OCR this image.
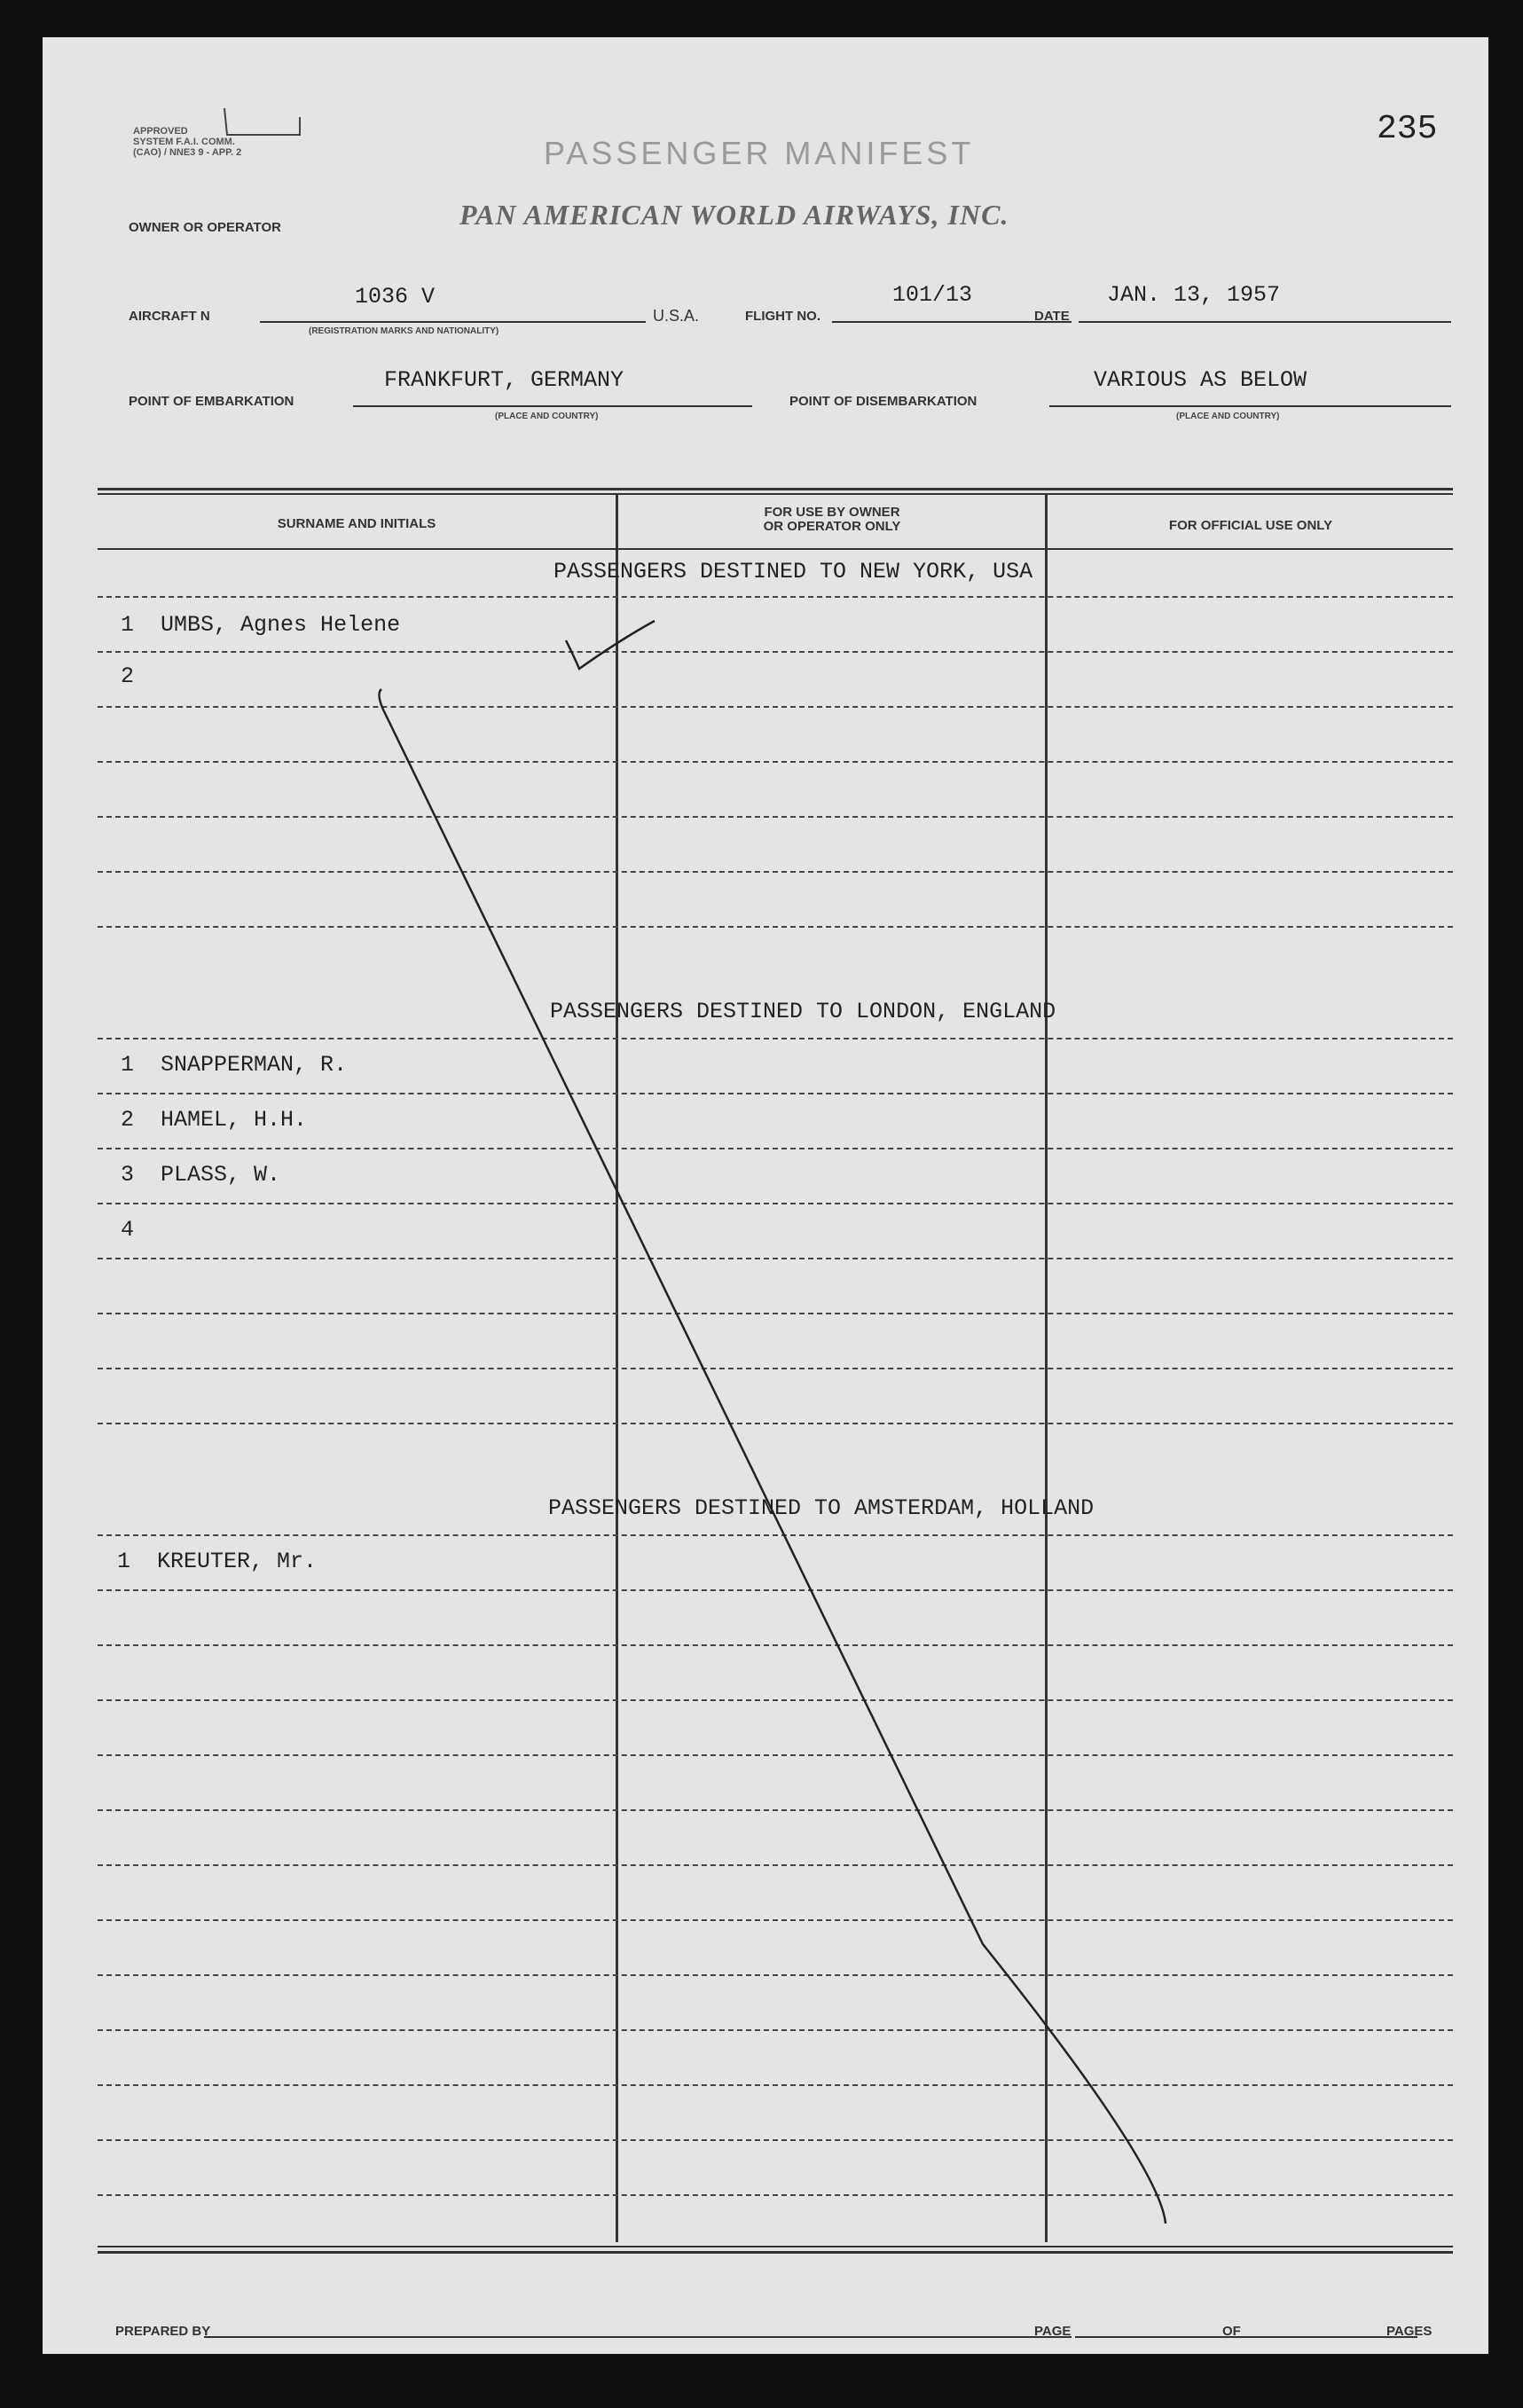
APPROVED
SYSTEM F.A.I. COMM.
(CAO) / NNE3 9 - APP. 2	PASSENGER MANIFEST
235
OWNER OR OPERATOR	PAN AMERICAN WORLD AIRWAYS, INC.
AIRCRAFT N
1036 V
(REGISTRATION MARKS AND NATIONALITY)
U.S.A.	FLIGHT NO.
101/13
DATE
JAN. 13, 1957
POINT OF EMBARKATION
FRANKFURT, GERMANY
(PLACE AND COUNTRY)
POINT OF DISEMBARKATION
VARIOUS AS BELOW
(PLACE AND COUNTRY)
SURNAME AND INITIALS
FOR USE BY OWNER
OR OPERATOR ONLY	FOR OFFICIAL USE ONLY
PASSENGERS DESTINED TO NEW YORK, USA
PASSENGERS DESTINED TO LONDON, ENGLAND
PASSENGERS DESTINED TO AMSTERDAM, HOLLAND
1 UMBS, Agnes Helene
2
1 SNAPPERMAN, R.
2 HAMEL, H.H.
3 PLASS, W.
4
1 KREUTER, Mr.
PREPARED BY	PAGE	OF	PAGES
